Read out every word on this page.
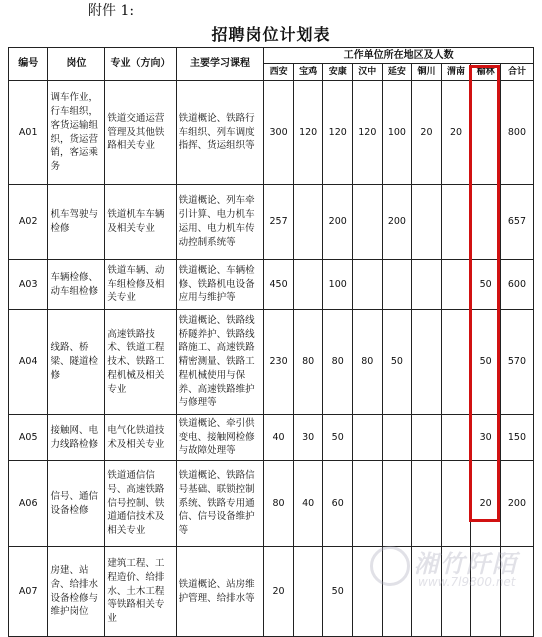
附件 1:
招聘岗位计划表
编号	岗位	专业（方向）	主要学习课程	工作单位所在地区及人数								
				西安	宝鸡	安康	汉中	延安	铜川	渭南	榆林	合计
A01	调车作业，行车组织，客货运输组织，货运营销，客运乘务	铁道交通运营管理及其他铁路相关专业	铁道概论、铁路行车组织、列车调度指挥、货运组织等	300	120	120	120	100	20	20		800
A02	机车驾驶与检修	铁道机车车辆及相关专业	铁道概论、列车牵引计算、电力机车运用、电力机车传动控制系统等	257		200		200				657
A03	车辆检修、动车组检修	铁道车辆、动车组检修及相关专业	铁道概论、车辆检修、铁路机电设备应用与维护等	450		100					50	600
A04	线路、桥梁、隧道检修	高速铁路技术、铁道工程技术、铁路工程机械及相关专业	铁道概论、铁路线桥隧养护、铁路线路施工、高速铁路精密测量、铁路工程机械使用与保养、高速铁路维护与修理等	230	80	80	80	50			50	570
A05	接触网、电力线路检修	电气化铁道技术及相关专业	铁道概论、牵引供变电、接触网检修与故障处理等	40	30	50					30	150
A06	信号、通信设备检修	铁道通信信号、高速铁路信号控制、铁道通信技术及相关专业	铁道概论、铁路信号基础、联锁控制系统、铁路专用通信、信号设备维护等	80	40	60					20	200
A07	房建、站舍、给排水设备检修与维护岗位	建筑工程、工程造价、给排水、土木工程等铁路相关专业	铁道概论、站房维护管理、给排水等	20		50						
湘竹阡陌
www.7l9800.net
